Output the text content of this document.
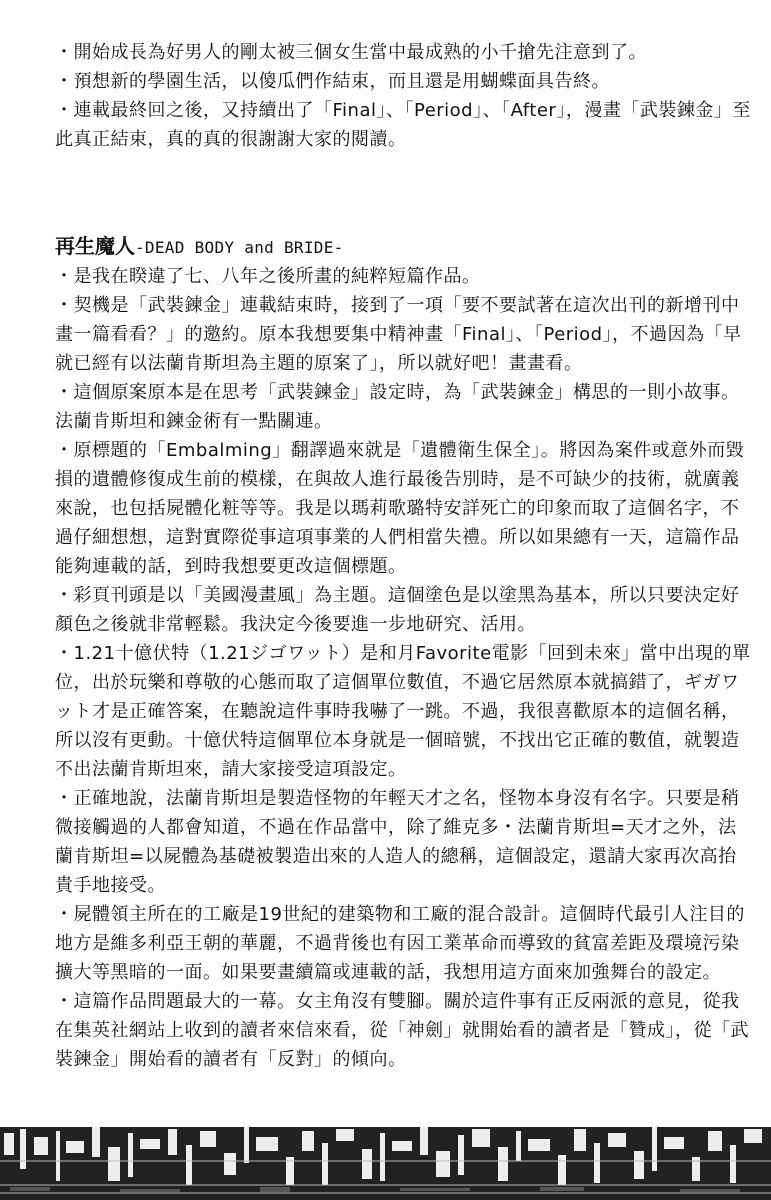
・開始成長為好男人的剛太被三個女生當中最成熟的小千搶先注意到了。

・預想新的學園生活，以傻瓜們作結束，而且還是用蝴蝶面具告終。

・連載最終回之後，又持續出了「Final」、「Period」、「After」，漫畫「武裝鍊金」至此真正結束，真的真的很謝謝大家的閱讀。

再生魔人-DEAD BODY and BRIDE-

・是我在睽違了七、八年之後所畫的純粹短篇作品。

・契機是「武裝鍊金」連載結束時，接到了一項「要不要試著在這次出刊的新增刊中畫一篇看看？」的邀約。原本我想要集中精神畫「Final」、「Period」，不過因為「早就已經有以法蘭肯斯坦為主題的原案了」，所以就好吧！畫畫看。

・這個原案原本是在思考「武裝鍊金」設定時，為「武裝鍊金」構思的一則小故事。法蘭肯斯坦和鍊金術有一點關連。

・原標題的「Embalming」翻譯過來就是「遺體衛生保全」。將因為案件或意外而毀損的遺體修復成生前的模樣，在與故人進行最後告別時，是不可缺少的技術，就廣義來說，也包括屍體化粧等等。我是以瑪莉歌璐特安詳死亡的印象而取了這個名字，不過仔細想想，這對實際從事這項事業的人們相當失禮。所以如果總有一天，這篇作品能夠連載的話，到時我想要更改這個標題。

・彩頁刊頭是以「美國漫畫風」為主題。這個塗色是以塗黑為基本，所以只要決定好顏色之後就非常輕鬆。我決定今後要進一步地研究、活用。

・1.21十億伏特（1.21ジゴワット）是和月Favorite電影「回到未來」當中出現的單位，出於玩樂和尊敬的心態而取了這個單位數值，不過它居然原本就搞錯了，ギガワット才是正確答案，在聽說這件事時我嚇了一跳。不過，我很喜歡原本的這個名稱，所以沒有更動。十億伏特這個單位本身就是一個暗號，不找出它正確的數值，就製造不出法蘭肯斯坦來，請大家接受這項設定。

・正確地說，法蘭肯斯坦是製造怪物的年輕天才之名，怪物本身沒有名字。只要是稍微接觸過的人都會知道，不過在作品當中，除了維克多・法蘭肯斯坦=天才之外，法蘭肯斯坦=以屍體為基礎被製造出來的人造人的總稱，這個設定，還請大家再次高抬貴手地接受。

・屍體領主所在的工廠是19世紀的建築物和工廠的混合設計。這個時代最引人注目的地方是維多利亞王朝的華麗，不過背後也有因工業革命而導致的貧富差距及環境污染擴大等黑暗的一面。如果要畫續篇或連載的話，我想用這方面來加強舞台的設定。

・這篇作品問題最大的一幕。女主角沒有雙腳。關於這件事有正反兩派的意見，從我在集英社網站上收到的讀者來信來看，從「神劍」就開始看的讀者是「贊成」，從「武裝鍊金」開始看的讀者有「反對」的傾向。
